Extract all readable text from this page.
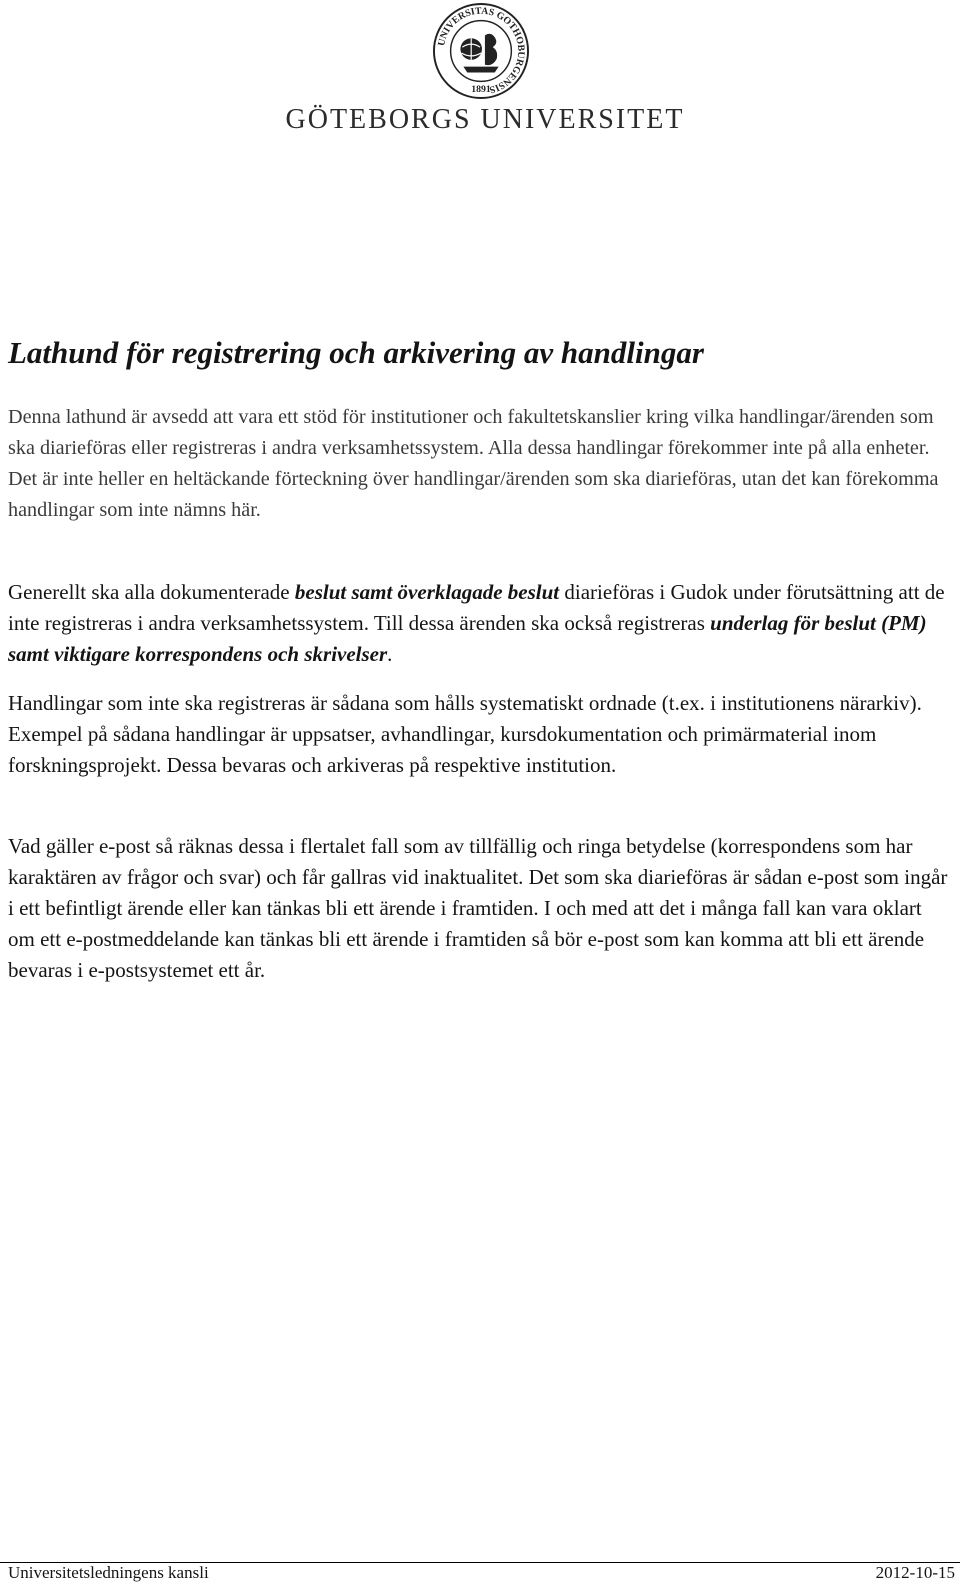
UNIVERSITAS GOTHOBURGENSIS
1891
GÖTEBORGS UNIVERSITET
Lathund för registrering och arkivering av handlingar

Denna lathund är avsedd att vara ett stöd för institutioner och fakultetskanslier kring vilka handlingar/ärenden som ska diarieföras eller registreras i andra verksamhetssystem. Alla dessa handlingar förekommer inte på alla enheter. Det är inte heller en heltäckande förteckning över handlingar/ärenden som ska diarieföras, utan det kan förekomma handlingar som inte nämns här.

Generellt ska alla dokumenterade beslut samt överklagade beslut diarieföras i Gudok under förutsättning att de inte registreras i andra verksamhetssystem. Till dessa ärenden ska också registreras underlag för beslut (PM) samt viktigare korrespondens och skrivelser.

Handlingar som inte ska registreras är sådana som hålls systematiskt ordnade (t.ex. i institutionens närarkiv). Exempel på sådana handlingar är uppsatser, avhandlingar, kursdokumentation och primärmaterial inom forskningsprojekt. Dessa bevaras och arkiveras på respektive institution.

Vad gäller e-post så räknas dessa i flertalet fall som av tillfällig och ringa betydelse (korrespondens som har karaktären av frågor och svar) och får gallras vid inaktualitet. Det som ska diarieföras är sådan e-post som ingår i ett befintligt ärende eller kan tänkas bli ett ärende i framtiden. I och med att det i många fall kan vara oklart om ett e-postmeddelande kan tänkas bli ett ärende i framtiden så bör e-post som kan komma att bli ett ärende bevaras i e-postsystemet ett år.

Universitetsledningens kansli	2012-10-15
